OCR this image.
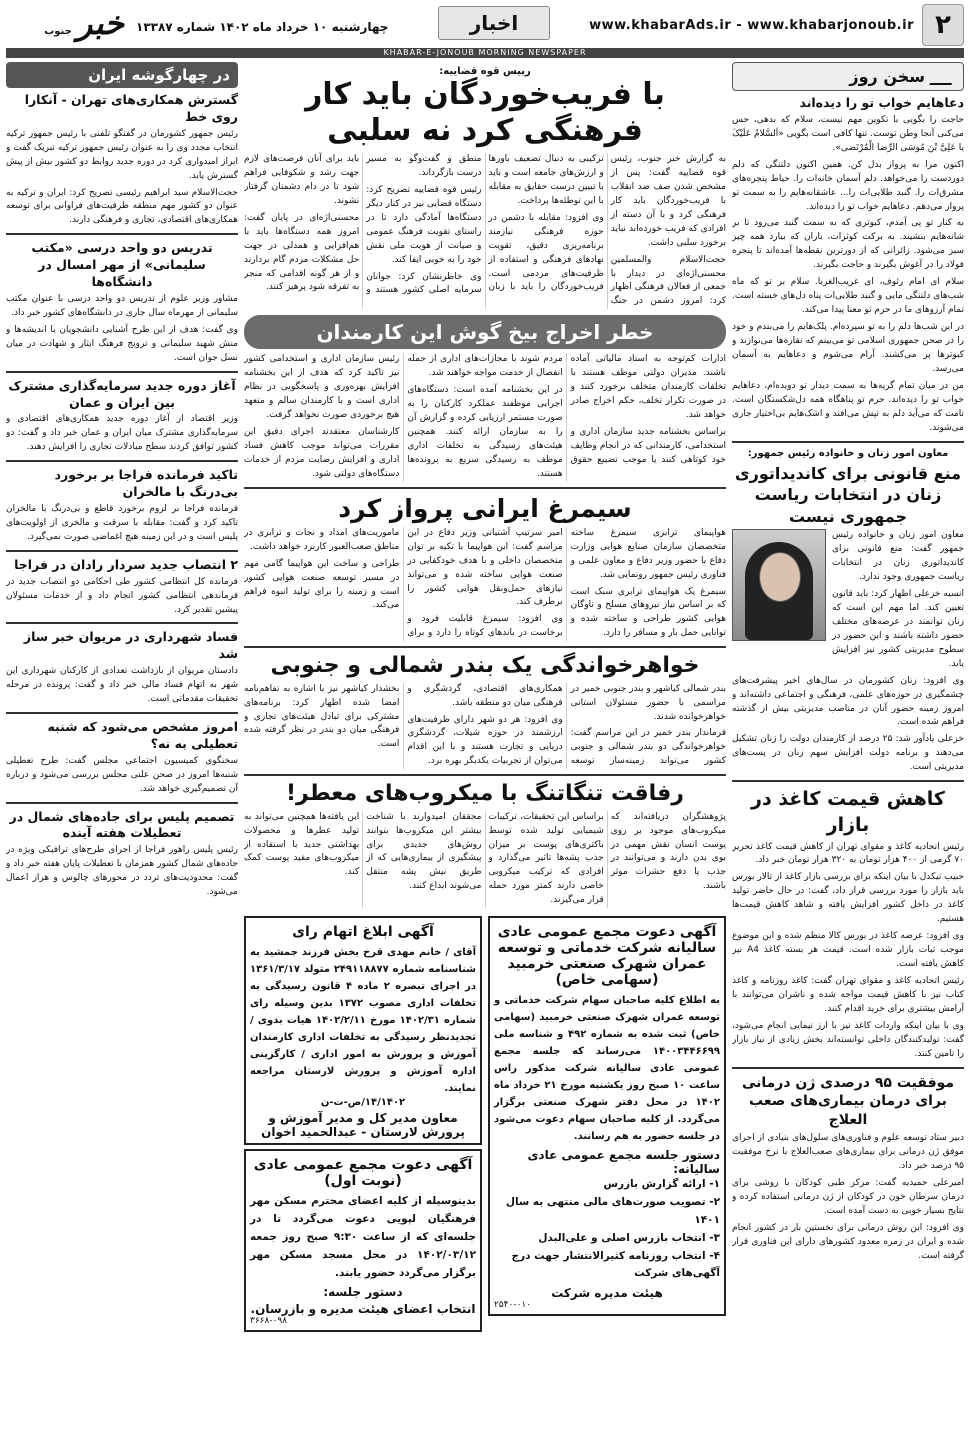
۲
www.khabarAds.ir - www.khabarjonoub.ir
اخبار
چهارشنبه ۱۰ خرداد ماه ۱۴۰۲ شماره ۱۳۳۸۷
خبر جنوب
KHABAR-E-JONOUB MORNING NEWSPAPER
سخن روز
دعاهایم خواب تو را دیده‌اند

حاجت را بگویی با تکوین مهم نیست، سلام که بدهی، حس می‌کنی آنجا وطن توست. تنها کافی است بگویی «اَلسَّلامُ عَلَیْکَ یا عَلِیَّ بْنَ مُوسَی الرِّضا الْمُرْتَضی».

اکنون مرا به پرواز بدل کن. همین اکنون دلتنگی که دلم دوردست را می‌خواهد. دلم آسمان خانه‌ات را. حیاط پنجره‌های مشرق‌ات را. گنبد طلایی‌ات را... عاشقانه‌هایم را به سمت تو پرواز می‌دهم. دعاهایم خواب تو را دیده‌اند.

به کنار تو پی آمدم، کبوتری که به سمت گنبد می‌رود تا بر شانه‌هایم بنشیند. به برکت کوثرات، باران که بیارد همه چیز سبز می‌شود. زائرانی که از دورترین نقطه‌ها آمده‌اند تا پنجره فولاد را در آغوش بگیرند و حاجت بگیرند.

سلام ای امام رئوف، ای غریب‌الغربا. سلام بر تو که ماه شب‌های دلتنگی مایی و گنبد طلایی‌ات پناه دل‌های خسته است. تمام آرزوهای ما در حرم تو معنا پیدا می‌کند.

در این شب‌ها دلم را به تو سپرده‌ام. پلک‌هایم را می‌بندم و خود را در صحن جمهوری اسلامی تو می‌بینم که نقاره‌ها می‌نوازند و کبوترها پر می‌کشند. آرام می‌شوم و دعاهایم به آسمان می‌رسد.

من در میان تمام گریه‌ها به سمت دیدار تو دویده‌ام، دعاهایم خواب تو را دیده‌اند. حرم تو پناهگاه همه دل‌شکستگان است. نامت که می‌آید دلم به تپش می‌افتد و اشک‌هایم بی‌اختیار جاری می‌شوند.

معاون امور زنان و خانواده رئیس جمهور:
منع قانونی برای کاندیداتوری زنان در انتخابات ریاست جمهوری نیست

معاون امور زنان و خانواده رئیس جمهور گفت: منع قانونی برای کاندیداتوری زنان در انتخابات ریاست جمهوری وجود ندارد.

انسیه خزعلی اظهار کرد: باید قانون تعیین کند. اما مهم این است که زنان توانمند در عرصه‌های مختلف حضور داشته باشند و این حضور در سطوح مدیریتی کشور نیز افزایش یابد.

وی افزود: زنان کشورمان در سال‌های اخیر پیشرفت‌های چشمگیری در حوزه‌های علمی، فرهنگی و اجتماعی داشته‌اند و امروز زمینه حضور آنان در مناصب مدیریتی بیش از گذشته فراهم شده است.

خزعلی یادآور شد: ۲۵ درصد از کارمندان دولت را زنان تشکیل می‌دهند و برنامه دولت افزایش سهم زنان در پست‌های مدیریتی است.

کاهش قیمت کاغذ در بازار

رئیس اتحادیه کاغذ و مقوای تهران از کاهش قیمت کاغذ تحریر ۷۰ گرمی از ۴۰۰ هزار تومان به ۳۲۰ هزار تومان خبر داد.

حبیب تیکدل با بیان اینکه برای بررسی بازار کاغذ از تالار بورس باید بازار را مورد بررسی قرار داد، گفت: در حال حاضر تولید کاغذ در داخل کشور افزایش یافته و شاهد کاهش قیمت‌ها هستیم.

وی افزود: عرضه کاغذ در بورس کالا منظم شده و این موضوع موجب ثبات بازار شده است. قیمت هر بسته کاغذ A4 نیز کاهش یافته است.

رئیس اتحادیه کاغذ و مقوای تهران گفت: کاغذ روزنامه و کاغذ کتاب نیز با کاهش قیمت مواجه شده و ناشران می‌توانند با آرامش بیشتری برای خرید اقدام کنند.

وی با بیان اینکه واردات کاغذ نیز با ارز نیمایی انجام می‌شود، گفت: تولیدکنندگان داخلی توانسته‌اند بخش زیادی از نیاز بازار را تامین کنند.

موفقیت ۹۵ درصدی ژن درمانی برای درمان بیماری‌های صعب العلاج

دبیر ستاد توسعه علوم و فناوری‌های سلول‌های بنیادی از اجرای موفق ژن درمانی برای بیماری‌های صعب‌العلاج با نرخ موفقیت ۹۵ درصد خبر داد.

امیرعلی حمیدیه گفت: مرکز طبی کودکان با روشی برای درمان سرطان خون در کودکان از ژن درمانی استفاده کرده و نتایج بسیار خوبی به دست آمده است.

وی افزود: این روش درمانی برای نخستین بار در کشور انجام شده و ایران در زمره معدود کشورهای دارای این فناوری قرار گرفته است.

رییس قوه قضاییه:
با فریب‌خوردگان باید کار فرهنگی کرد نه سلبی

به گزارش خبر جنوب، رئیس قوه قضاییه گفت: پس از مشخص شدن صف ضد انقلاب با فریب‌خوردگان باید کار فرهنگی کرد و با آن دسته از افرادی که فریب خورده‌اند نباید برخورد سلبی داشت.

حجت‌الاسلام والمسلمین محسنی‌اژه‌ای در دیدار با جمعی از فعالان فرهنگی اظهار کرد: امروز دشمن در جنگ ترکیبی به دنبال تضعیف باورها و ارزش‌های جامعه است و باید با تبیین درست حقایق به مقابله با این توطئه‌ها پرداخت.

وی افزود: مقابله با دشمن در حوزه فرهنگی نیازمند برنامه‌ریزی دقیق، تقویت نهادهای فرهنگی و استفاده از ظرفیت‌های مردمی است. فریب‌خوردگان را باید با زبان منطق و گفت‌وگو به مسیر درست بازگرداند.

رئیس قوه قضاییه تصریح کرد: دستگاه قضایی نیز در کنار دیگر دستگاه‌ها آمادگی دارد تا در راستای تقویت فرهنگ عمومی و صیانت از هویت ملی نقش خود را به خوبی ایفا کند.

وی خاطرنشان کرد: جوانان سرمایه اصلی کشور هستند و باید برای آنان فرصت‌های لازم جهت رشد و شکوفایی فراهم شود تا در دام دشمنان گرفتار نشوند.

محسنی‌اژه‌ای در پایان گفت: امروز همه دستگاه‌ها باید با هم‌افزایی و همدلی در جهت حل مشکلات مردم گام بردارند و از هر گونه اقدامی که منجر به تفرقه شود پرهیز کنند.

خطر اخراج بیخ گوش این کارمندان

ادارات کم‌توجه به اسناد مالیاتی آماده باشند. مدیران دولتی موظف هستند با تخلفات کارمندان متخلف برخورد کنند و در صورت تکرار تخلف، حکم اخراج صادر خواهد شد.

براساس بخشنامه جدید سازمان اداری و استخدامی، کارمندانی که در انجام وظایف خود کوتاهی کنند یا موجب تضییع حقوق مردم شوند با مجازات‌های اداری از جمله انفصال از خدمت مواجه خواهند شد.

در این بخشنامه آمده است: دستگاه‌های اجرایی موظفند عملکرد کارکنان را به صورت مستمر ارزیابی کرده و گزارش آن را به سازمان ارائه کنند. همچنین هیئت‌های رسیدگی به تخلفات اداری موظف به رسیدگی سریع به پرونده‌ها هستند.

رئیس سازمان اداری و استخدامی کشور نیز تاکید کرد که هدف از این بخشنامه افزایش بهره‌وری و پاسخگویی در نظام اداری است و با کارمندان سالم و متعهد هیچ برخوردی صورت نخواهد گرفت.

کارشناسان معتقدند اجرای دقیق این مقررات می‌تواند موجب کاهش فساد اداری و افزایش رضایت مردم از خدمات دستگاه‌های دولتی شود.

سیمرغ ایرانی پرواز کرد

هواپیمای ترابری سیمرغ ساخته متخصصان سازمان صنایع هوایی وزارت دفاع با حضور وزیر دفاع و معاون علمی و فناوری رئیس جمهور رونمایی شد.

سیمرغ یک هواپیمای ترابری سبک است که بر اساس نیاز نیروهای مسلح و ناوگان هوایی کشور طراحی و ساخته شده و توانایی حمل بار و مسافر را دارد.

امیر سرتیپ آشتیانی وزیر دفاع در این مراسم گفت: این هواپیما با تکیه بر توان متخصصان داخلی و با هدف خودکفایی در صنعت هوایی ساخته شده و می‌تواند نیازهای حمل‌ونقل هوایی کشور را برطرف کند.

وی افزود: سیمرغ قابلیت فرود و برخاست در باندهای کوتاه را دارد و برای ماموریت‌های امداد و نجات و ترابری در مناطق صعب‌العبور کاربرد خواهد داشت.

طراحی و ساخت این هواپیما گامی مهم در مسیر توسعه صنعت هوایی کشور است و زمینه را برای تولید انبوه فراهم می‌کند.

خواهرخواندگی یک بندر شمالی و جنوبی

بندر شمالی کیاشهر و بندر جنوبی خمیر در مراسمی با حضور مسئولان استانی خواهرخوانده شدند.

فرماندار بندر خمیر در این مراسم گفت: خواهرخواندگی دو بندر شمالی و جنوبی کشور می‌تواند زمینه‌ساز توسعه همکاری‌های اقتصادی، گردشگری و فرهنگی میان دو منطقه باشد.

وی افزود: هر دو شهر دارای ظرفیت‌های ارزشمند در حوزه شیلات، گردشگری دریایی و تجارت هستند و با این اقدام می‌توان از تجربیات یکدیگر بهره برد.

بخشدار کیاشهر نیز با اشاره به تفاهم‌نامه امضا شده اظهار کرد: برنامه‌های مشترکی برای تبادل هیئت‌های تجاری و فرهنگی میان دو بندر در نظر گرفته شده است.

رفاقت تنگاتنگ با میکروب‌های معطر!

پژوهشگران دریافته‌اند که میکروب‌های موجود بر روی پوست انسان نقش مهمی در بوی بدن دارند و می‌توانند در جذب یا دفع حشرات موثر باشند.

براساس این تحقیقات، ترکیبات شیمیایی تولید شده توسط باکتری‌های پوست بر میزان جذب پشه‌ها تاثیر می‌گذارد و افرادی که ترکیب میکروبی خاصی دارند کمتر مورد حمله قرار می‌گیرند.

محققان امیدوارند با شناخت بیشتر این میکروب‌ها بتوانند روش‌های جدیدی برای پیشگیری از بیماری‌هایی که از طریق نیش پشه منتقل می‌شوند ابداع کنند.

این یافته‌ها همچنین می‌تواند به تولید عطرها و محصولات بهداشتی جدید با استفاده از میکروب‌های مفید پوست کمک کند.

آگهی دعوت مجمع عمومی عادی سالیانه شرکت خدماتی و توسعه عمران شهرک صنعتی خرمبید (سهامی خاص)
به اطلاع کلیه صاحبان سهام شرکت خدماتی و توسعه عمران شهرک صنعتی خرمبید (سهامی خاص) ثبت شده به شماره ۴۹۲ و شناسه ملی ۱۴۰۰۳۴۴۶۶۹۹ می‌رساند که جلسه مجمع عمومی عادی سالیانه شرکت مذکور راس ساعت ۱۰ صبح روز یکشنبه مورخ ۲۱ خرداد ماه ۱۴۰۲ در محل دفتر شهرک صنعتی برگزار می‌گردد. از کلیه صاحبان سهام دعوت می‌شود در جلسه حضور به هم رسانند.
دستور جلسه مجمع عمومی عادی سالیانه:
۱- ارائه گزارش بازرس
۲- تصویب صورت‌های مالی منتهی به سال ۱۴۰۱
۳- انتخاب بازرس اصلی و علی‌البدل
۴- انتخاب روزنامه کثیرالانتشار جهت درج آگهی‌های شرکت
هیئت مدیره شرکت
۲۵۴۰-۰۱۰
آگهی ابلاغ اتهام رای
آقای / خانم مهدی قرخ بخش فرزند جمشید به شناسنامه شماره ۲۴۹۱۱۸۸۷۷ متولد ۱۳۶۱/۳/۱۷ در اجرای تبصره ۲ ماده ۴ قانون رسیدگی به تخلفات اداری مصوب ۱۳۷۲ بدین وسیله رای شماره ۱۴۰۲/۳۱ مورخ ۱۴۰۲/۲/۱۱ هیات بدوی / تجدیدنظر رسیدگی به تخلفات اداری کارمندان آموزش و پرورش به امور اداری / کارگزینی اداره آموزش و پرورش لارستان مراجعه نمایند.
۱۴/۱۴۰۲/ص-ت-ن
معاون مدیر کل و مدیر آموزش و پرورش لارستان - عبدالحمید اخوان
آگهی دعوت مجمع عمومی عادی (نوبت اول)
بدینوسیله از کلیه اعضای محترم مسکن مهر فرهنگیان لپویی دعوت می‌گردد تا در جلسه‌ای که از ساعت ۹:۳۰ صبح روز جمعه ۱۴۰۲/۰۳/۱۲ در محل مسجد مسکن مهر برگزار می‌گردد حضور یابند.
دستور جلسه:
انتخاب اعضای هیئت مدیره و بازرسان.
۳۶۶۸-۰۹۸
در چهارگوشه ایران
گسترش همکاری‌های تهران - آنکارا روی خط

رئیس جمهور کشورمان در گفتگو تلفنی با رئیس جمهور ترکیه انتخاب مجدد وی را به عنوان رئیس جمهور ترکیه تبریک گفت و ابراز امیدواری کرد در دوره جدید روابط دو کشور بیش از پیش گسترش یابد.

حجت‌الاسلام سید ابراهیم رئیسی تصریح کرد: ایران و ترکیه به عنوان دو کشور مهم منطقه ظرفیت‌های فراوانی برای توسعه همکاری‌های اقتصادی، تجاری و فرهنگی دارند.

تدریس دو واحد درسی «مکتب سلیمانی» از مهر امسال در دانشگاه‌ها

مشاور وزیر علوم از تدریس دو واحد درسی با عنوان مکتب سلیمانی از مهرماه سال جاری در دانشگاه‌های کشور خبر داد.

وی گفت: هدف از این طرح آشنایی دانشجویان با اندیشه‌ها و منش شهید سلیمانی و ترویج فرهنگ ایثار و شهادت در میان نسل جوان است.

آغاز دوره جدید سرمایه‌گذاری مشترک بین ایران و عمان

وزیر اقتصاد از آغاز دوره جدید همکاری‌های اقتصادی و سرمایه‌گذاری مشترک میان ایران و عمان خبر داد و گفت: دو کشور توافق کردند سطح مبادلات تجاری را افزایش دهند.

تاکید فرمانده فراجا بر برخورد بی‌درنگ با مالخران

فرمانده فراجا بر لزوم برخورد قاطع و بی‌درنگ با مالخران تاکید کرد و گفت: مقابله با سرقت و مالخری از اولویت‌های پلیس است و در این زمینه هیچ اغماضی صورت نمی‌گیرد.

۲ انتصاب جدید سردار رادان در فراجا

فرمانده کل انتظامی کشور طی احکامی دو انتصاب جدید در فرماندهی انتظامی کشور انجام داد و از خدمات مسئولان پیشین تقدیر کرد.

فساد شهرداری در مریوان خبر ساز شد

دادستان مریوان از بازداشت تعدادی از کارکنان شهرداری این شهر به اتهام فساد مالی خبر داد و گفت: پرونده در مرحله تحقیقات مقدماتی است.

امروز مشخص می‌شود که شنبه تعطیلی به نه؟

سخنگوی کمیسیون اجتماعی مجلس گفت: طرح تعطیلی شنبه‌ها امروز در صحن علنی مجلس بررسی می‌شود و درباره آن تصمیم‌گیری خواهد شد.

تصمیم پلیس برای جاده‌های شمال در تعطیلات هفته آینده

رئیس پلیس راهور فراجا از اجرای طرح‌های ترافیکی ویژه در جاده‌های شمال کشور همزمان با تعطیلات پایان هفته خبر داد و گفت: محدودیت‌های تردد در محورهای چالوس و هراز اعمال می‌شود.
